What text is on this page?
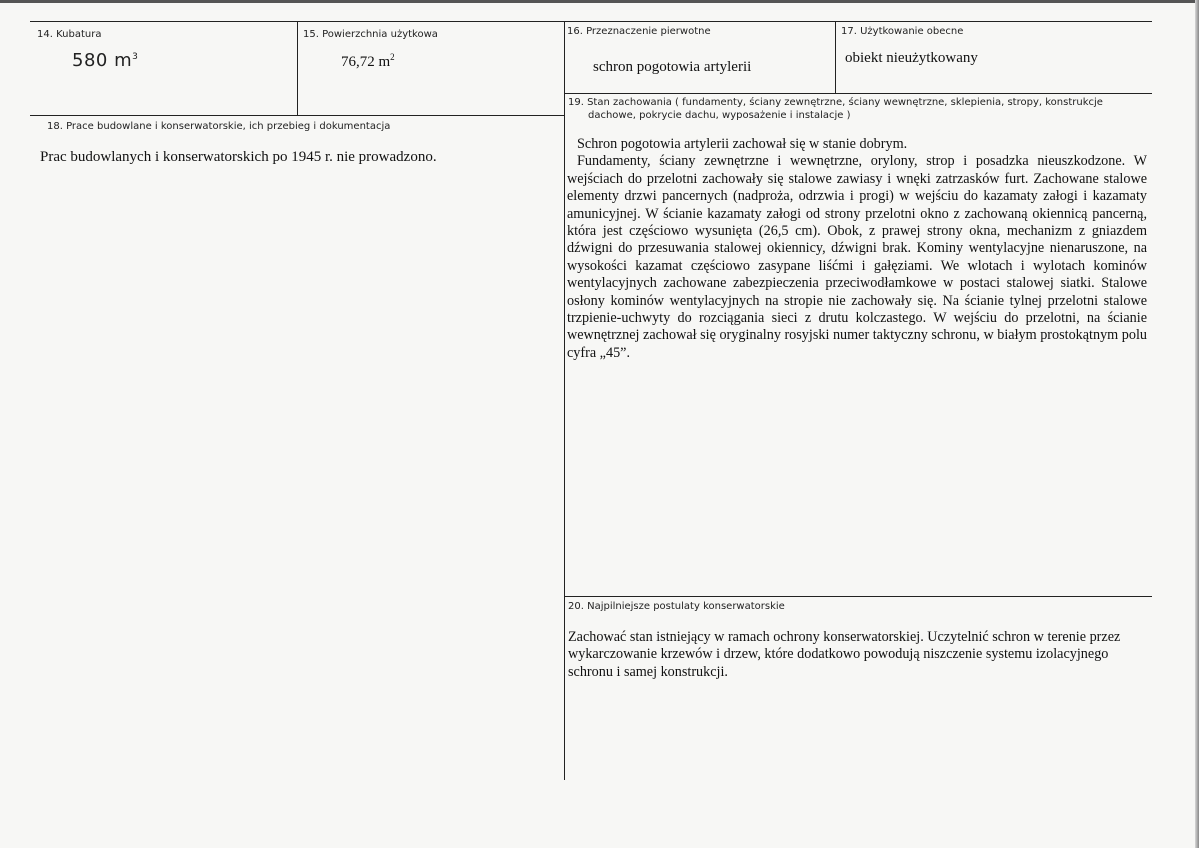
14. Kubatura
580 $m^3$
15. Powierzchnia użytkowa
76,72 $m^2$
16. Przeznaczenie pierwotne
schron pogotowia artylerii
17. Użytkowanie obecne
obiekt nieużytkowany
18. Prace budowlane i konserwatorskie, ich przebieg i dokumentacja
Prac budowlanych i konserwatorskich po 1945 r. nie prowadzono.
19. Stan zachowania ( fundamenty, ściany zewnętrzne, ściany wewnętrzne, sklepienia, stropy, konstrukcje
dachowe, pokrycie dachu, wyposażenie i instalacje )

Schron pogotowia artylerii zachował się w stanie dobrym.

Fundamenty, ściany zewnętrzne i wewnętrzne, orylony, strop i posadzka nieuszkodzone. W wejściach do przelotni zachowały się stalowe zawiasy i wnęki zatrzasków furt. Zachowane stalowe elementy drzwi pancernych (nadproża, odrzwia i progi) w wejściu do kazamaty załogi i kazamaty amunicyjnej. W ścianie kazamaty załogi od strony przelotni okno z zachowaną okiennicą pancerną, która jest częściowo wysunięta (26,5 cm). Obok, z prawej strony okna, mechanizm z gniazdem dźwigni do przesuwania stalowej okiennicy, dźwigni brak. Kominy wentylacyjne nienaruszone, na wysokości kazamat częściowo zasypane liśćmi i gałęziami. We wlotach i wylotach kominów wentylacyjnych zachowane zabezpieczenia przeciwodłamkowe w postaci stalowej siatki. Stalowe osłony kominów wentylacyjnych na stropie nie zachowały się. Na ścianie tylnej przelotni stalowe trzpienie-uchwyty do rozciągania sieci z drutu kolczastego. W wejściu do przelotni, na ścianie wewnętrznej zachował się oryginalny rosyjski numer taktyczny schronu, w białym prostokątnym polu cyfra „45”.

20. Najpilniejsze postulaty konserwatorskie
Zachować stan istniejący w ramach ochrony konserwatorskiej. Uczytelnić schron w terenie przez wykarczowanie krzewów i drzew, które dodatkowo powodują niszczenie systemu izolacyjnego schronu i samej konstrukcji.
